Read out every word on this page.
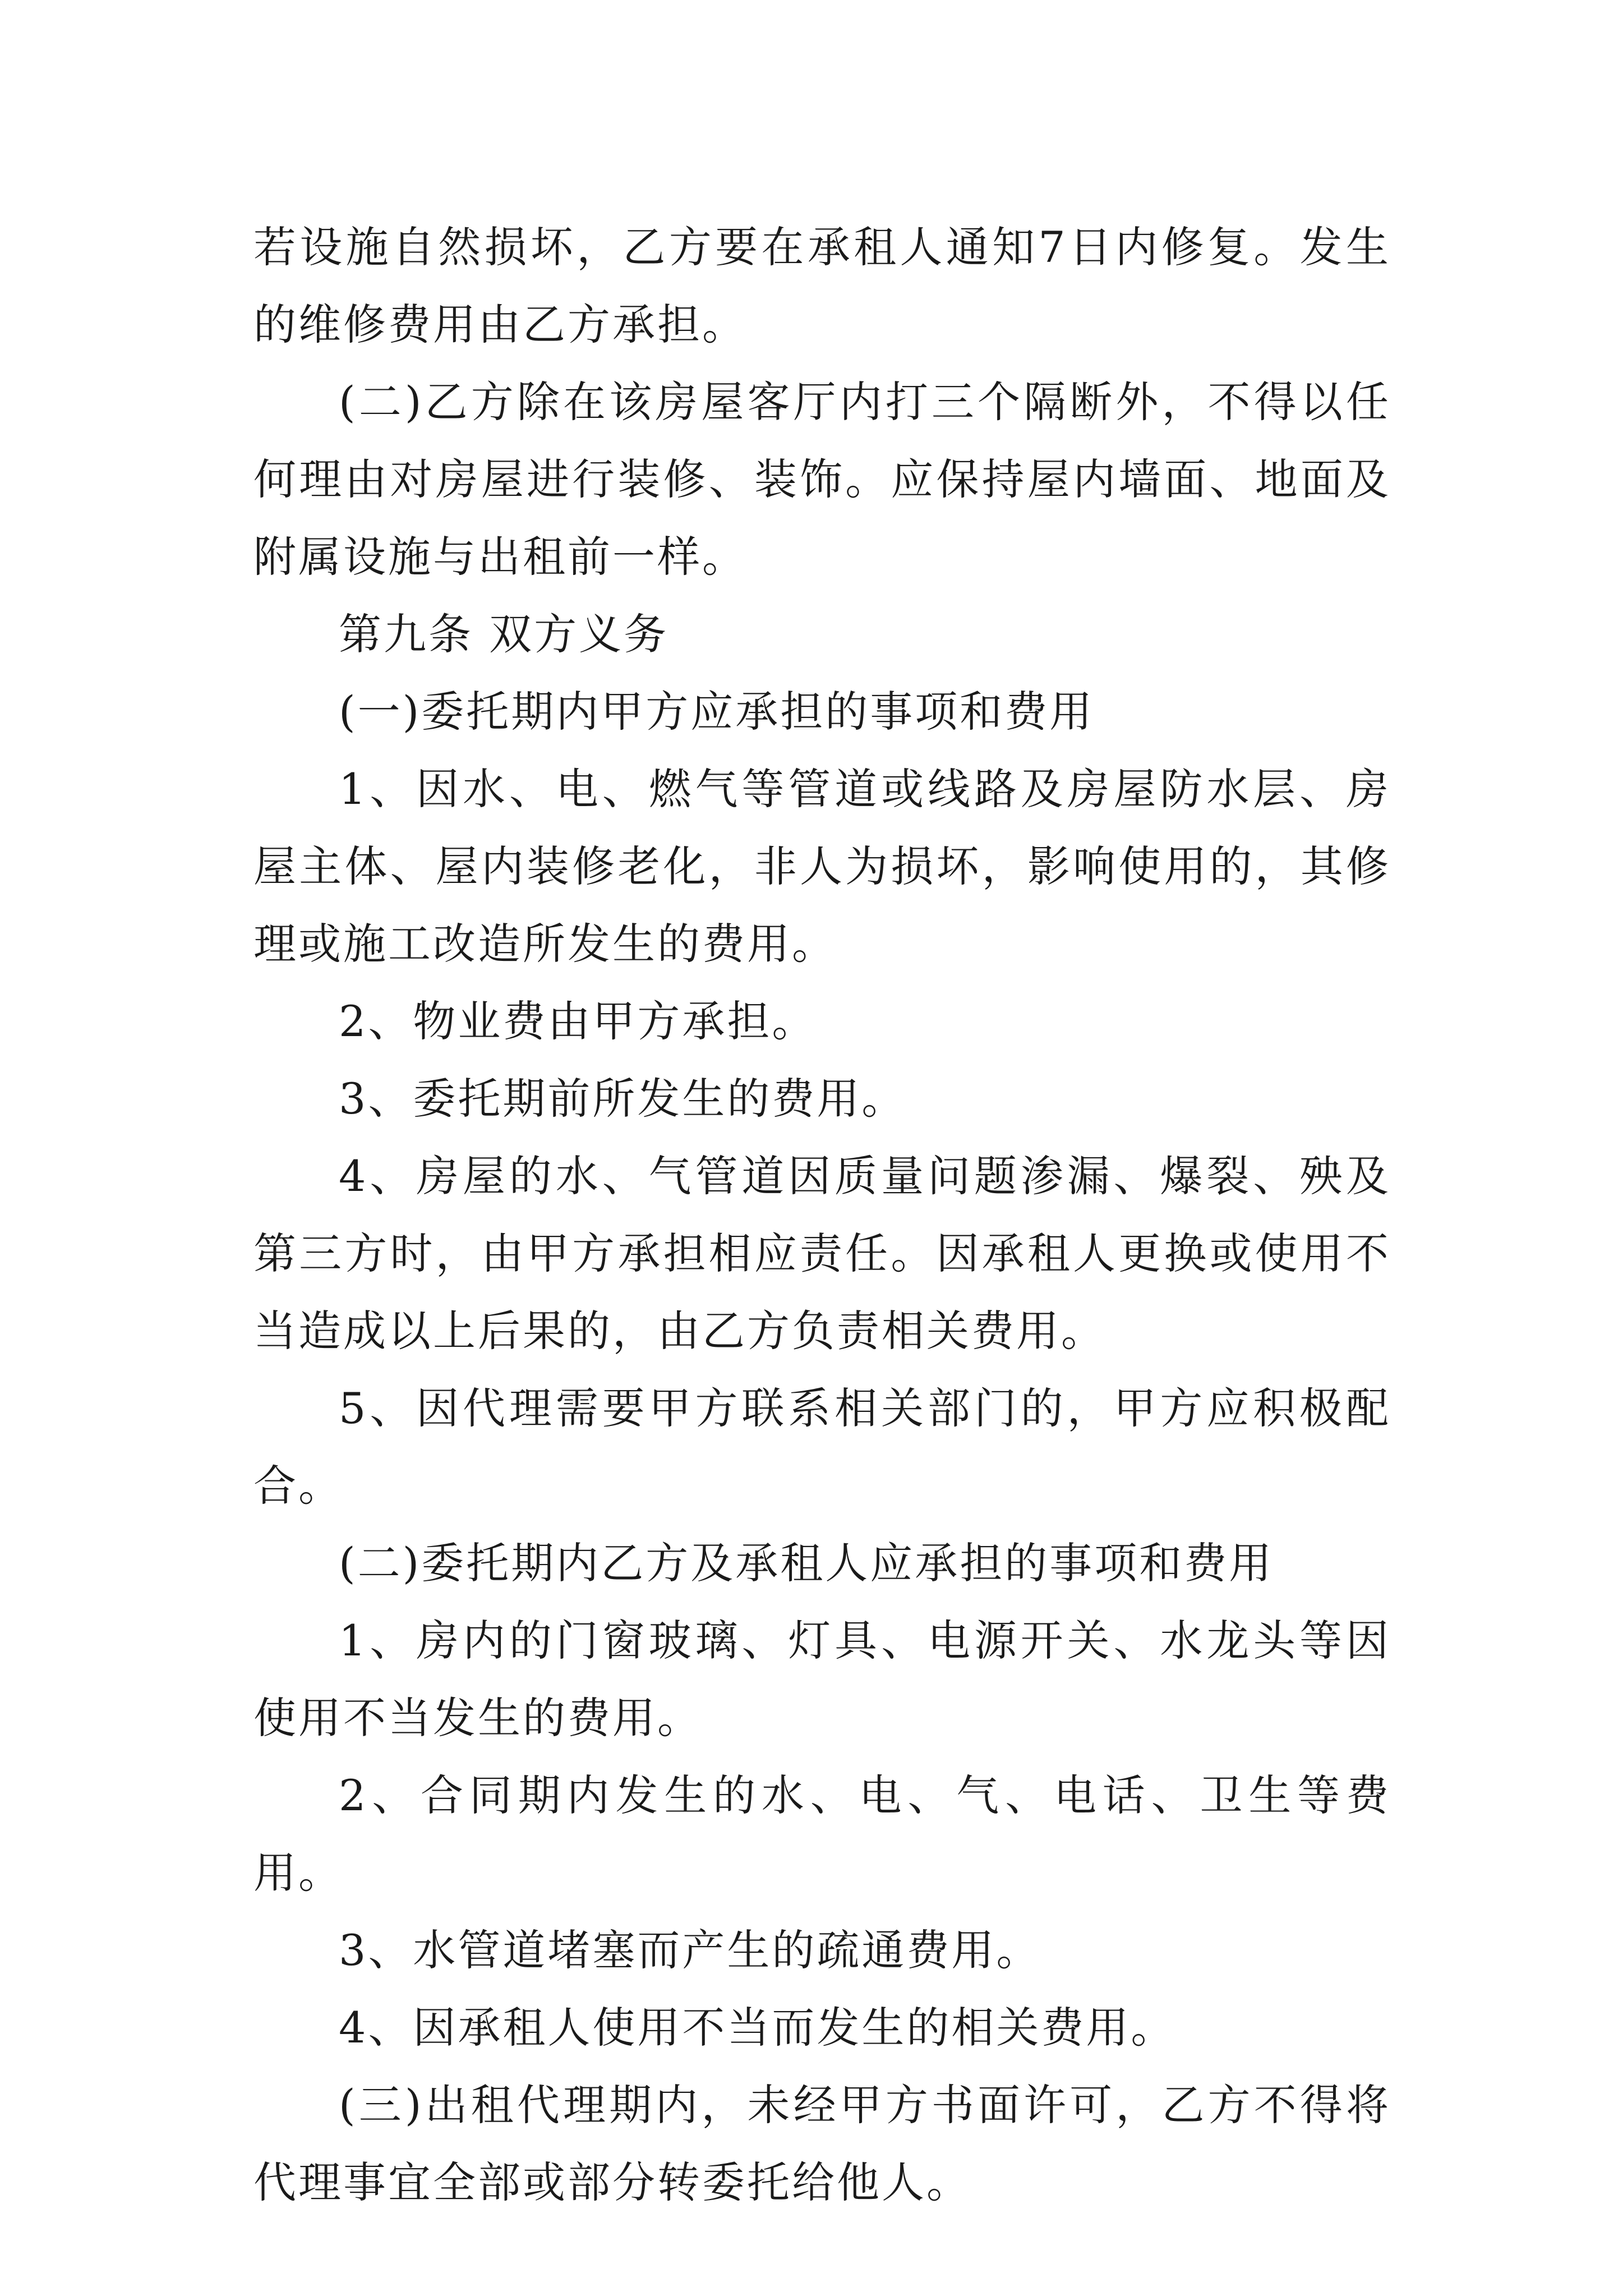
若设施自然损坏，乙方要在承租人通知7日内修复。发生的维修费用由乙方承担。

(二)乙方除在该房屋客厅内打三个隔断外，不得以任何理由对房屋进行装修、装饰。应保持屋内墙面、地面及附属设施与出租前一样。

第九条 双方义务

(一)委托期内甲方应承担的事项和费用

1、因水、电、燃气等管道或线路及房屋防水层、房屋主体、屋内装修老化，非人为损坏，影响使用的，其修理或施工改造所发生的费用。

2、物业费由甲方承担。

3、委托期前所发生的费用。

4、房屋的水、气管道因质量问题渗漏、爆裂、殃及第三方时，由甲方承担相应责任。因承租人更换或使用不当造成以上后果的，由乙方负责相关费用。

5、因代理需要甲方联系相关部门的，甲方应积极配合。

(二)委托期内乙方及承租人应承担的事项和费用

1、房内的门窗玻璃、灯具、电源开关、水龙头等因使用不当发生的费用。

2、合同期内发生的水、电、气、电话、卫生等费用。

3、水管道堵塞而产生的疏通费用。

4、因承租人使用不当而发生的相关费用。

(三)出租代理期内，未经甲方书面许可，乙方不得将代理事宜全部或部分转委托给他人。
